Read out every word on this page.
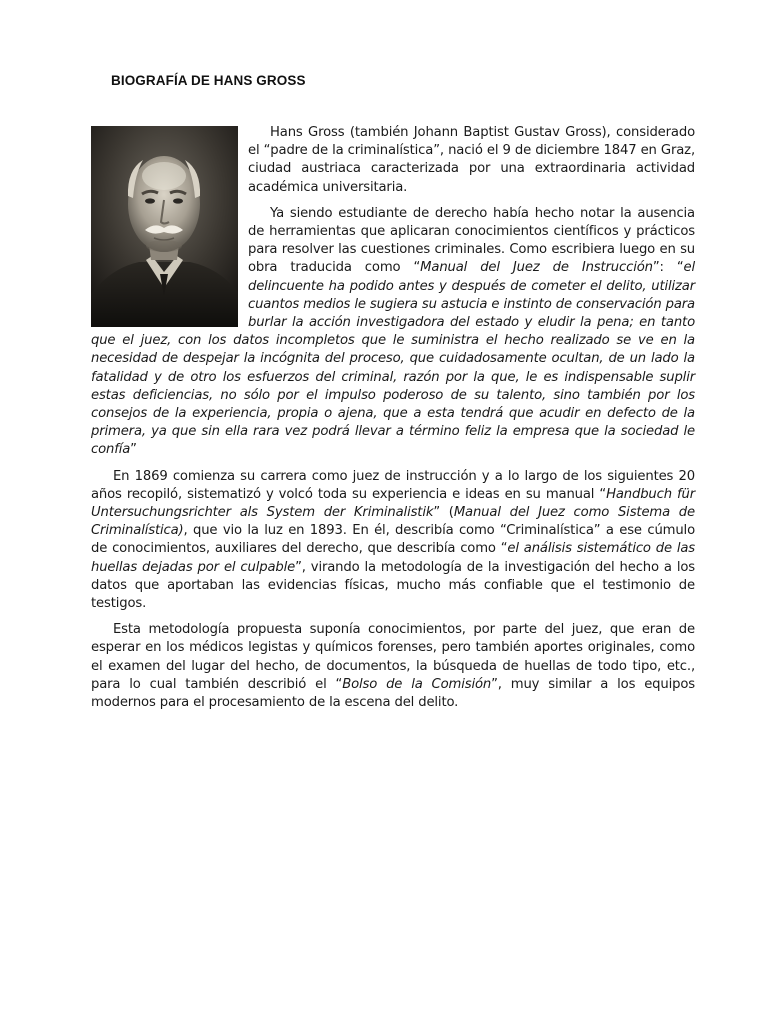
BIOGRAFÍA DE HANS GROSS

Hans Gross (también Johann Baptist Gustav Gross), considerado el “padre de la criminalística”, nació el 9 de diciembre 1847 en Graz, ciudad austriaca caracterizada por una extraordinaria actividad académica universitaria.

Ya siendo estudiante de derecho había hecho notar la ausencia de herramientas que aplicaran conocimientos científicos y prácticos para resolver las cuestiones criminales. Como escribiera luego en su obra traducida como “Manual del Juez de Instrucción”: “el delincuente ha podido antes y después de cometer el delito, utilizar cuantos medios le sugiera su astucia e instinto de conservación para burlar la acción investigadora del estado y eludir la pena; en tanto que el juez, con los datos incompletos que le suministra el hecho realizado se ve en la necesidad de despejar la incógnita del proceso, que cuidadosamente ocultan, de un lado la fatalidad y de otro los esfuerzos del criminal, razón por la que, le es indispensable suplir estas deficiencias, no sólo por el impulso poderoso de su talento, sino también por los consejos de la experiencia, propia o ajena, que a esta tendrá que acudir en defecto de la primera, ya que sin ella rara vez podrá llevar a término feliz la empresa que la sociedad le confía”

En 1869 comienza su carrera como juez de instrucción y a lo largo de los siguientes 20 años recopiló, sistematizó y volcó toda su experiencia e ideas en su manual “Handbuch für Untersuchungsrichter als System der Kriminalistik” (Manual del Juez como Sistema de Criminalística), que vio la luz en 1893. En él, describía como “Criminalística” a ese cúmulo de conocimientos, auxiliares del derecho, que describía como “el análisis sistemático de las huellas dejadas por el culpable”, virando la metodología de la investigación del hecho a los datos que aportaban las evidencias físicas, mucho más confiable que el testimonio de testigos.

Esta metodología propuesta suponía conocimientos, por parte del juez, que eran de esperar en los médicos legistas y químicos forenses, pero también aportes originales, como el examen del lugar del hecho, de documentos, la búsqueda de huellas de todo tipo, etc., para lo cual también describió el “Bolso de la Comisión”, muy similar a los equipos modernos para el procesamiento de la escena del delito.
